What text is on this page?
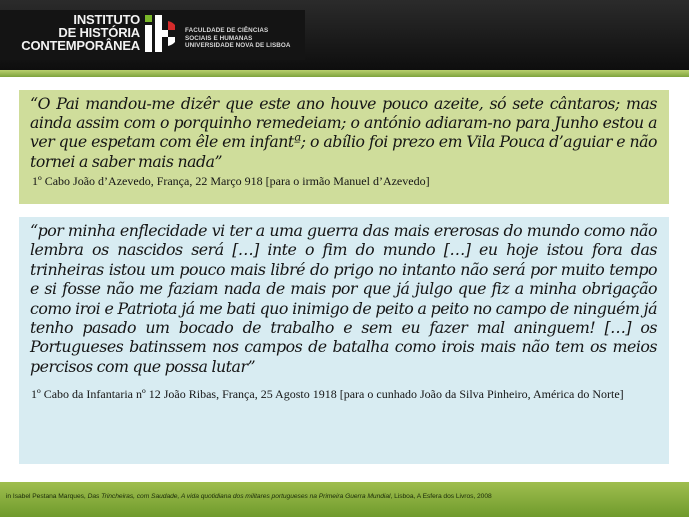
INSTITUTO
DE HISTÓRIA
CONTEMPORÂNEA
FACULDADE DE CIÊNCIAS
SOCIAIS E HUMANAS
UNIVERSIDADE NOVA DE LISBOA

“O Pai mandou-me dizêr que este ano houve pouco azeite, só sete cântaros; mas ainda assim com o porquinho remedeiam; o antónio adiaram-no para Junho estou a ver que espetam com êle em infantª; o abílio foi prezo em Vila Pouca d’aguiar e não tornei a saber mais nada”

1º Cabo João d’Azevedo, França, 22 Março 918 [para o irmão Manuel d’Azevedo]

“por minha enflecidade vi ter a uma guerra das mais ererosas do mundo como não lembra os nascidos será […] inte o fim do mundo […] eu hoje istou fora das trinheiras istou um pouco mais libré do prigo no intanto não será por muito tempo e si fosse não me faziam nada de mais por que já julgo que fiz a minha obrigação como iroi e Patriota já me bati quo inimigo de peito a peito no campo de ninguém já tenho pasado um bocado de trabalho e sem eu fazer mal aninguem! […] os Portugueses batinssem nos campos de batalha como irois mais não tem os meios percisos com que possa lutar”

1º Cabo da Infantaria nº 12 João Ribas, França, 25 Agosto 1918 [para o cunhado João da Silva Pinheiro, América do Norte]
in Isabel Pestana Marques, Das Trincheiras, com Saudade, A vida quotidiana dos militares portugueses na Primeira Guerra Mundial, Lisboa, A Esfera dos Livros, 2008
